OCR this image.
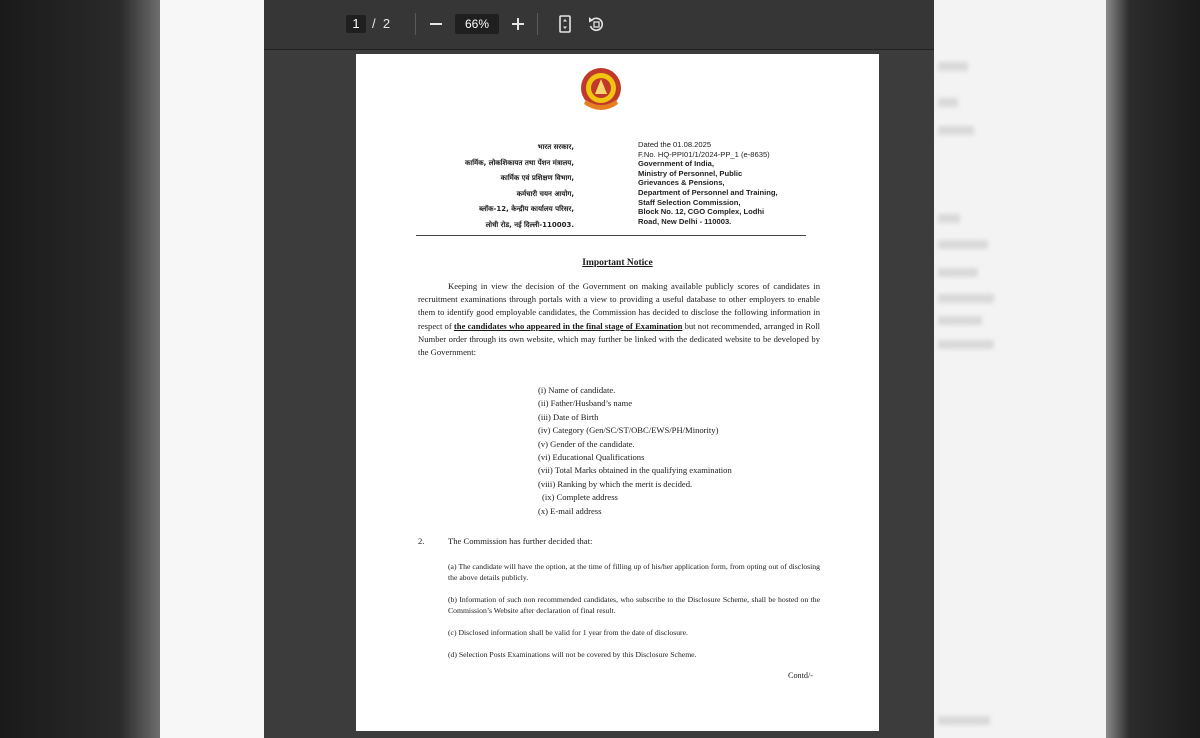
1 / 2	66%
भारत सरकार,
कार्मिक, लोकशिकायत तथा पेंशन मंत्रालय,
कार्मिक एवं प्रशिक्षण विभाग,
कर्मचारी चयन आयोग,
ब्लॉक-12, केन्द्रीय कार्यालय परिसर,
लोधी रोड, नई दिल्ली-110003.
Dated the 01.08.2025
F.No. HQ-PPI01/1/2024-PP_1 (e-8635)
Government of India,
Ministry of Personnel, Public
Grievances & Pensions,
Department of Personnel and Training,
Staff Selection Commission,
Block No. 12, CGO Complex, Lodhi
Road, New Delhi - 110003.
Important Notice

Keeping in view the decision of the Government on making available publicly scores of candidates in recruitment examinations through portals with a view to providing a useful database to other employers to enable them to identify good employable candidates, the Commission has decided to disclose the following information in respect of the candidates who appeared in the final stage of Examination but not recommended, arranged in Roll Number order through its own website, which may further be linked with the dedicated website to be developed by the Government:

(i) Name of candidate.
(ii) Father/Husband’s name
(iii) Date of Birth
(iv) Category (Gen/SC/ST/OBC/EWS/PH/Minority)
(v) Gender of the candidate.
(vi) Educational Qualifications
(vii) Total Marks obtained in the qualifying examination
(viii) Ranking by which the merit is decided.
(ix) Complete address
(x) E-mail address
2.	The Commission has further decided that:

(a) The candidate will have the option, at the time of filling up of his/her application form, from opting out of disclosing the above details publicly.

(b) Information of such non recommended candidates, who subscribe to the Disclosure Scheme, shall be hosted on the Commission’s Website after declaration of final result.

(c) Disclosed information shall be valid for 1 year from the date of disclosure.

(d) Selection Posts Examinations will not be covered by this Disclosure Scheme.

Contd/-
